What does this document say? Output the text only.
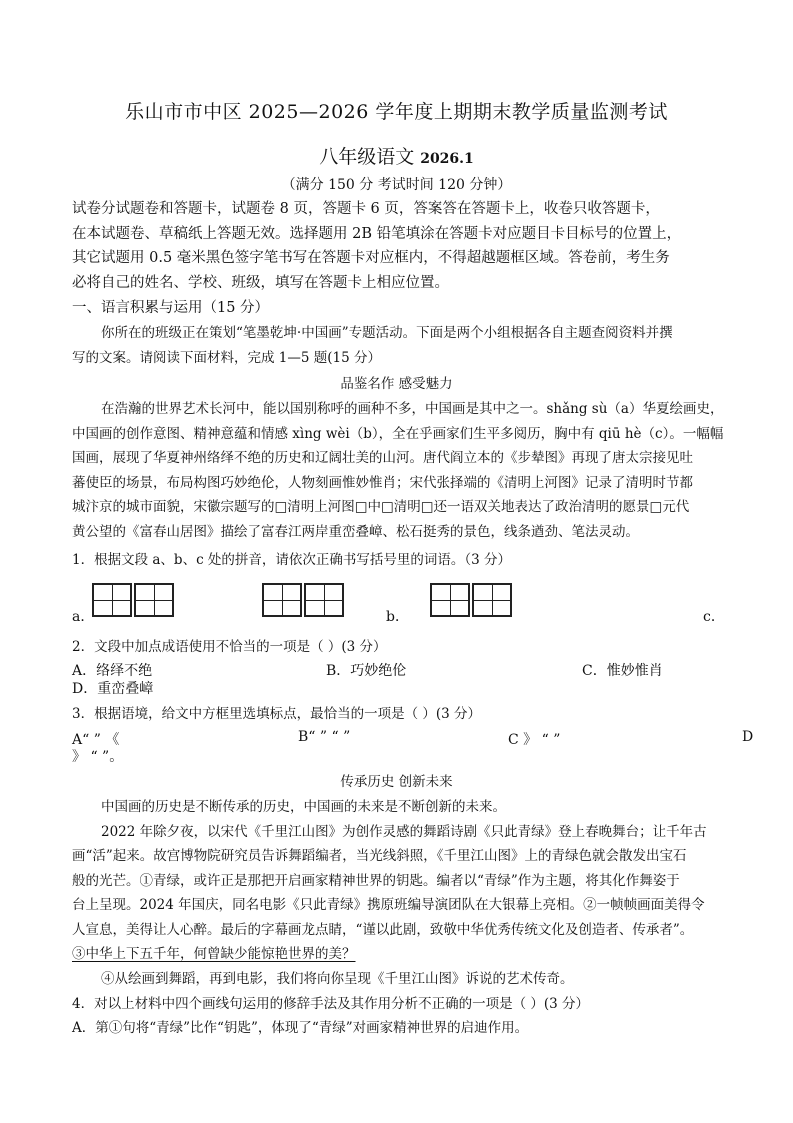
乐山市市中区 2025—2026 学年度上期期末教学质量监测考试
八年级语文 2026.1
（满分 150 分 考试时间 120 分钟）
试卷分试题卷和答题卡，试题卷 8 页，答题卡 6 页，答案答在答题卡上，收卷只收答题卡，
在本试题卷、草稿纸上答题无效。选择题用 2B 铅笔填涂在答题卡对应题目卡目标号的位置上，
其它试题用 0.5 毫米黑色签字笔书写在答题卡对应框内，不得超越题框区域。答卷前，考生务
必将自己的姓名、学校、班级，填写在答题卡上相应位置。
一、语言积累与运用（15 分）
你所在的班级正在策划“笔墨乾坤·中国画”专题活动。下面是两个小组根据各自主题查阅资料并撰
写的文案。请阅读下面材料，完成 1—5 题(15 分）
品鉴名作 感受魅力
在浩瀚的世界艺术长河中，能以国别称呼的画种不多，中国画是其中之一。shǎng sù（a）华夏绘画史，
中国画的创作意图、精神意蕴和情感 xìng wèi（b），全在乎画家们生平多阅历，胸中有 qiū hè（c）。一幅幅
国画，展现了华夏神州络绎不绝的历史和辽阔壮美的山河。唐代阎立本的《步辇图》再现了唐太宗接见吐
蕃使臣的场景，布局构图巧妙绝伦，人物刻画惟妙惟肖；宋代张择端的《清明上河图》记录了清明时节都
城汴京的城市面貌，宋徽宗题写的□清明上河图□中□清明□还一语双关地表达了政治清明的愿景□元代
黄公望的《富春山居图》描绘了富春江两岸重峦叠嶂、松石挺秀的景色，线条遒劲、笔法灵动。
1．根据文段 a、b、c 处的拼音，请依次正确书写括号里的词语。（3 分）
a．	b．	c．
2．文段中加点成语使用不恰当的一项是（ ）(3 分）
A．络绎不绝	B．巧妙绝伦	C．惟妙惟肖
D．重峦叠嶂
3．根据语境，给文中方框里选填标点，最恰当的一项是（ ）(3 分）
A“ ” 《	B“ ” “ ”	C 》 “ ”	D
》 “ ”。
传承历史 创新未来
中国画的历史是不断传承的历史，中国画的未来是不断创新的未来。
2022 年除夕夜，以宋代《千里江山图》为创作灵感的舞蹈诗剧《只此青绿》登上春晚舞台；让千年古
画“活”起来。故宫博物院研究员告诉舞蹈编者，当光线斜照，《千里江山图》上的青绿色就会散发出宝石
般的光芒。①青绿，或许正是那把开启画家精神世界的钥匙。编者以“青绿”作为主题，将其化作舞姿于
台上呈现。2024 年国庆，同名电影《只此青绿》携原班编导演团队在大银幕上亮相。②一帧帧画面美得令
人宣息，美得让人心醉。最后的字幕画龙点睛，“谨以此剧，致敬中华优秀传统文化及创造者、传承者”。
③中华上下五千年，何曾缺少能惊艳世界的美？
④从绘画到舞蹈，再到电影，我们将向你呈现《千里江山图》诉说的艺术传奇。
4．对以上材料中四个画线句运用的修辞手法及其作用分析不正确的一项是（ ）(3 分）
A．第①句将“青绿”比作“钥匙”，体现了“青绿”对画家精神世界的启迪作用。
